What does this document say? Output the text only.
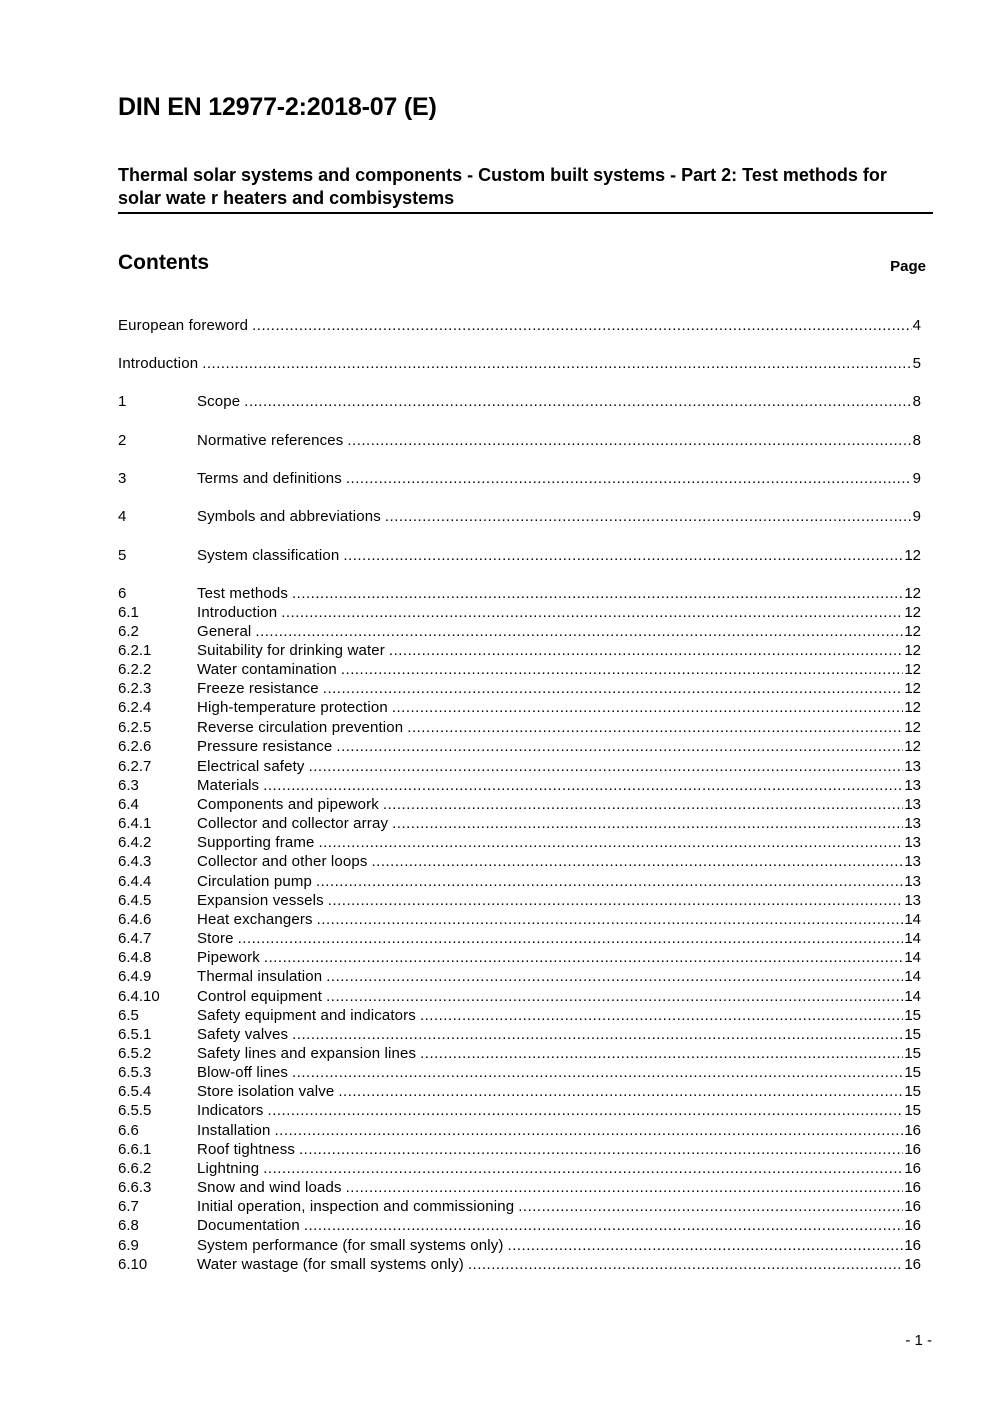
DIN EN 12977-2:2018-07 (E)
Thermal solar systems and components - Custom built systems - Part 2: Test methods for solar wate r heaters and combisystems
Contents	Page
European foreword .....	4
Introduction .....	5
1	Scope .....	8
2	Normative references .....	8
3	Terms and definitions .....	9
4	Symbols and abbreviations .....	9
5	System classification .....	12
6	Test methods .....	12
6.1	Introduction .....	12
6.2	General .....	12
6.2.1	Suitability for drinking water .....	12
6.2.2	Water contamination .....	12
6.2.3	Freeze resistance .....	12
6.2.4	High-temperature protection .....	12
6.2.5	Reverse circulation prevention .....	12
6.2.6	Pressure resistance .....	12
6.2.7	Electrical safety .....	13
6.3	Materials .....	13
6.4	Components and pipework .....	13
6.4.1	Collector and collector array .....	13
6.4.2	Supporting frame .....	13
6.4.3	Collector and other loops .....	13
6.4.4	Circulation pump .....	13
6.4.5	Expansion vessels .....	13
6.4.6	Heat exchangers .....	14
6.4.7	Store .....	14
6.4.8	Pipework .....	14
6.4.9	Thermal insulation .....	14
6.4.10	Control equipment .....	14
6.5	Safety equipment and indicators .....	15
6.5.1	Safety valves .....	15
6.5.2	Safety lines and expansion lines .....	15
6.5.3	Blow-off lines .....	15
6.5.4	Store isolation valve .....	15
6.5.5	Indicators .....	15
6.6	Installation .....	16
6.6.1	Roof tightness .....	16
6.6.2	Lightning .....	16
6.6.3	Snow and wind loads .....	16
6.7	Initial operation, inspection and commissioning .....	16
6.8	Documentation .....	16
6.9	System performance (for small systems only) .....	16
6.10	Water wastage (for small systems only) .....	16
- 1 -
